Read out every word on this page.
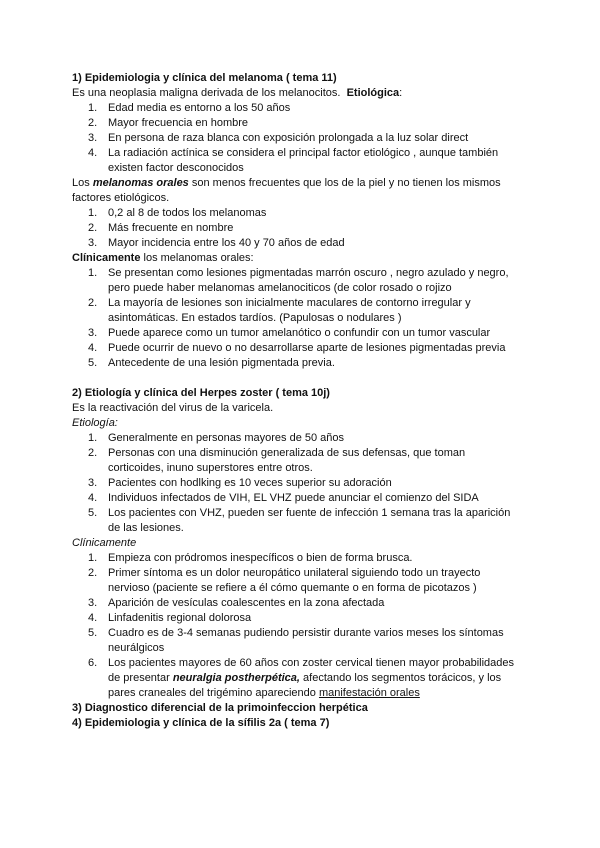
1) Epidemiologia y clínica del melanoma ( tema 11)
Es una neoplasia maligna derivada de los melanocitos. Etiológica:
1. Edad media es entorno a los 50 años
2. Mayor frecuencia en hombre
3. En persona de raza blanca con exposición prolongada a la luz solar direct
4. La radiación actínica se considera el principal factor etiológico , aunque también
existen factor desconocidos
Los melanomas orales son menos frecuentes que los de la piel y no tienen los mismos
factores etiológicos.
1. 0,2 al 8 de todos los melanomas
2. Más frecuente en nombre
3. Mayor incidencia entre los 40 y 70 años de edad
Clínicamente los melanomas orales:
1. Se presentan como lesiones pigmentadas marrón oscuro , negro azulado y negro,
pero puede haber melanomas amelanociticos (de color rosado o rojizo
2. La mayoría de lesiones son inicialmente maculares de contorno irregular y
asintomáticas. En estados tardíos. (Papulosas o nodulares )
3. Puede aparece como un tumor amelanótico o confundir con un tumor vascular
4. Puede ocurrir de nuevo o no desarrollarse aparte de lesiones pigmentadas previa
5. Antecedente de una lesión pigmentada previa.
2) Etiología y clínica del Herpes zoster ( tema 10j)
Es la reactivación del virus de la varicela.
Etiología:
1. Generalmente en personas mayores de 50 años
2. Personas con una disminución generalizada de sus defensas, que toman
corticoides, inuno superstores entre otros.
3. Pacientes con hodlking es 10 veces superior su adoración
4. Individuos infectados de VIH, EL VHZ puede anunciar el comienzo del SIDA
5. Los pacientes con VHZ, pueden ser fuente de infección 1 semana tras la aparición
de las lesiones.
Clínicamente
1. Empieza con pródromos inespecíficos o bien de forma brusca.
2. Primer síntoma es un dolor neuropático unilateral siguiendo todo un trayecto
nervioso (paciente se refiere a él cómo quemante o en forma de picotazos )
3. Aparición de vesículas coalescentes en la zona afectada
4. Linfadenitis regional dolorosa
5. Cuadro es de 3-4 semanas pudiendo persistir durante varios meses los síntomas
neurálgicos
6. Los pacientes mayores de 60 años con zoster cervical tienen mayor probabilidades
de presentar neuralgia postherpética, afectando los segmentos torácicos, y los
pares craneales del trigémino apareciendo manifestación orales
3) Diagnostico diferencial de la primoinfeccion herpética
4) Epidemiologia y clínica de la sífilis 2a ( tema 7)
